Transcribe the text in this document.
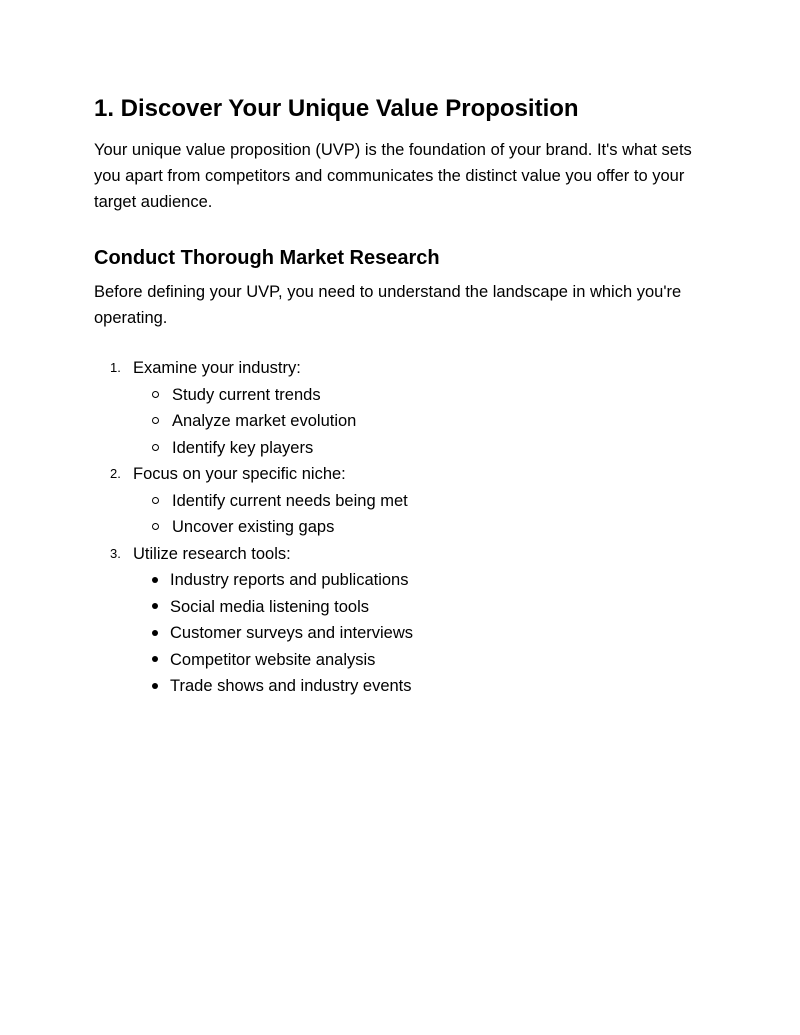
1. Discover Your Unique Value Proposition

Your unique value proposition (UVP) is the foundation of your brand. It's what sets you apart from competitors and communicates the distinct value you offer to your target audience.

Conduct Thorough Market Research

Before defining your UVP, you need to understand the landscape in which you're operating.

1. Examine your industry:
Study current trends
Analyze market evolution
Identify key players
2. Focus on your specific niche:
Identify current needs being met
Uncover existing gaps
3. Utilize research tools:
Industry reports and publications
Social media listening tools
Customer surveys and interviews
Competitor website analysis
Trade shows and industry events
